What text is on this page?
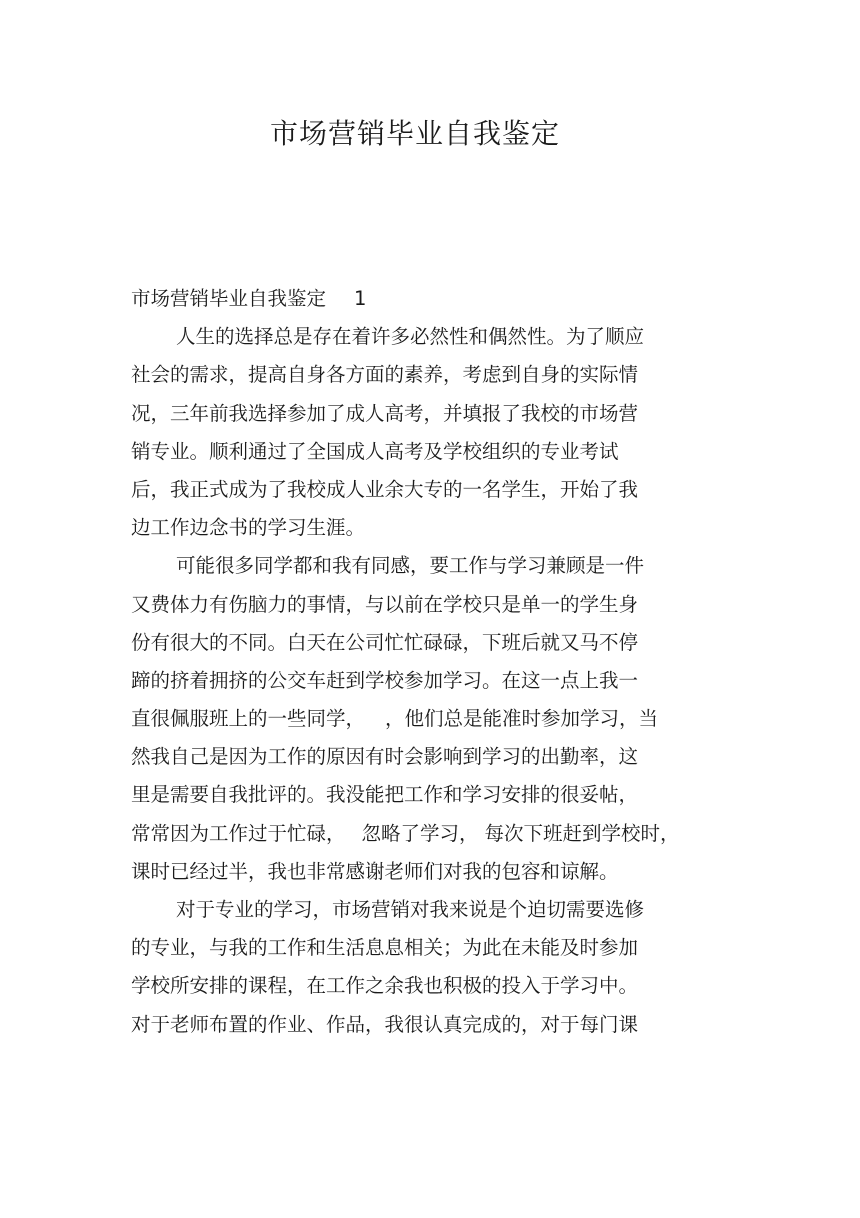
市场营销毕业自我鉴定
市场营销毕业自我鉴定 1
人生的选择总是存在着许多必然性和偶然性。为了顺应
社会的需求，提高自身各方面的素养，考虑到自身的实际情
况，三年前我选择参加了成人高考，并填报了我校的市场营
销专业。顺利通过了全国成人高考及学校组织的专业考试
后，我正式成为了我校成人业余大专的一名学生，开始了我
边工作边念书的学习生涯。
可能很多同学都和我有同感，要工作与学习兼顾是一件
又费体力有伤脑力的事情，与以前在学校只是单一的学生身
份有很大的不同。白天在公司忙忙碌碌，下班后就又马不停
蹄的挤着拥挤的公交车赶到学校参加学习。在这一点上我一
直很佩服班上的一些同学， ，他们总是能准时参加学习，当
然我自己是因为工作的原因有时会影响到学习的出勤率，这
里是需要自我批评的。我没能把工作和学习安排的很妥帖，
常常因为工作过于忙碌， 忽略了学习， 每次下班赶到学校时，
课时已经过半，我也非常感谢老师们对我的包容和谅解。
对于专业的学习，市场营销对我来说是个迫切需要选修
的专业，与我的工作和生活息息相关；为此在未能及时参加
学校所安排的课程，在工作之余我也积极的投入于学习中。
对于老师布置的作业、作品，我很认真完成的，对于每门课
